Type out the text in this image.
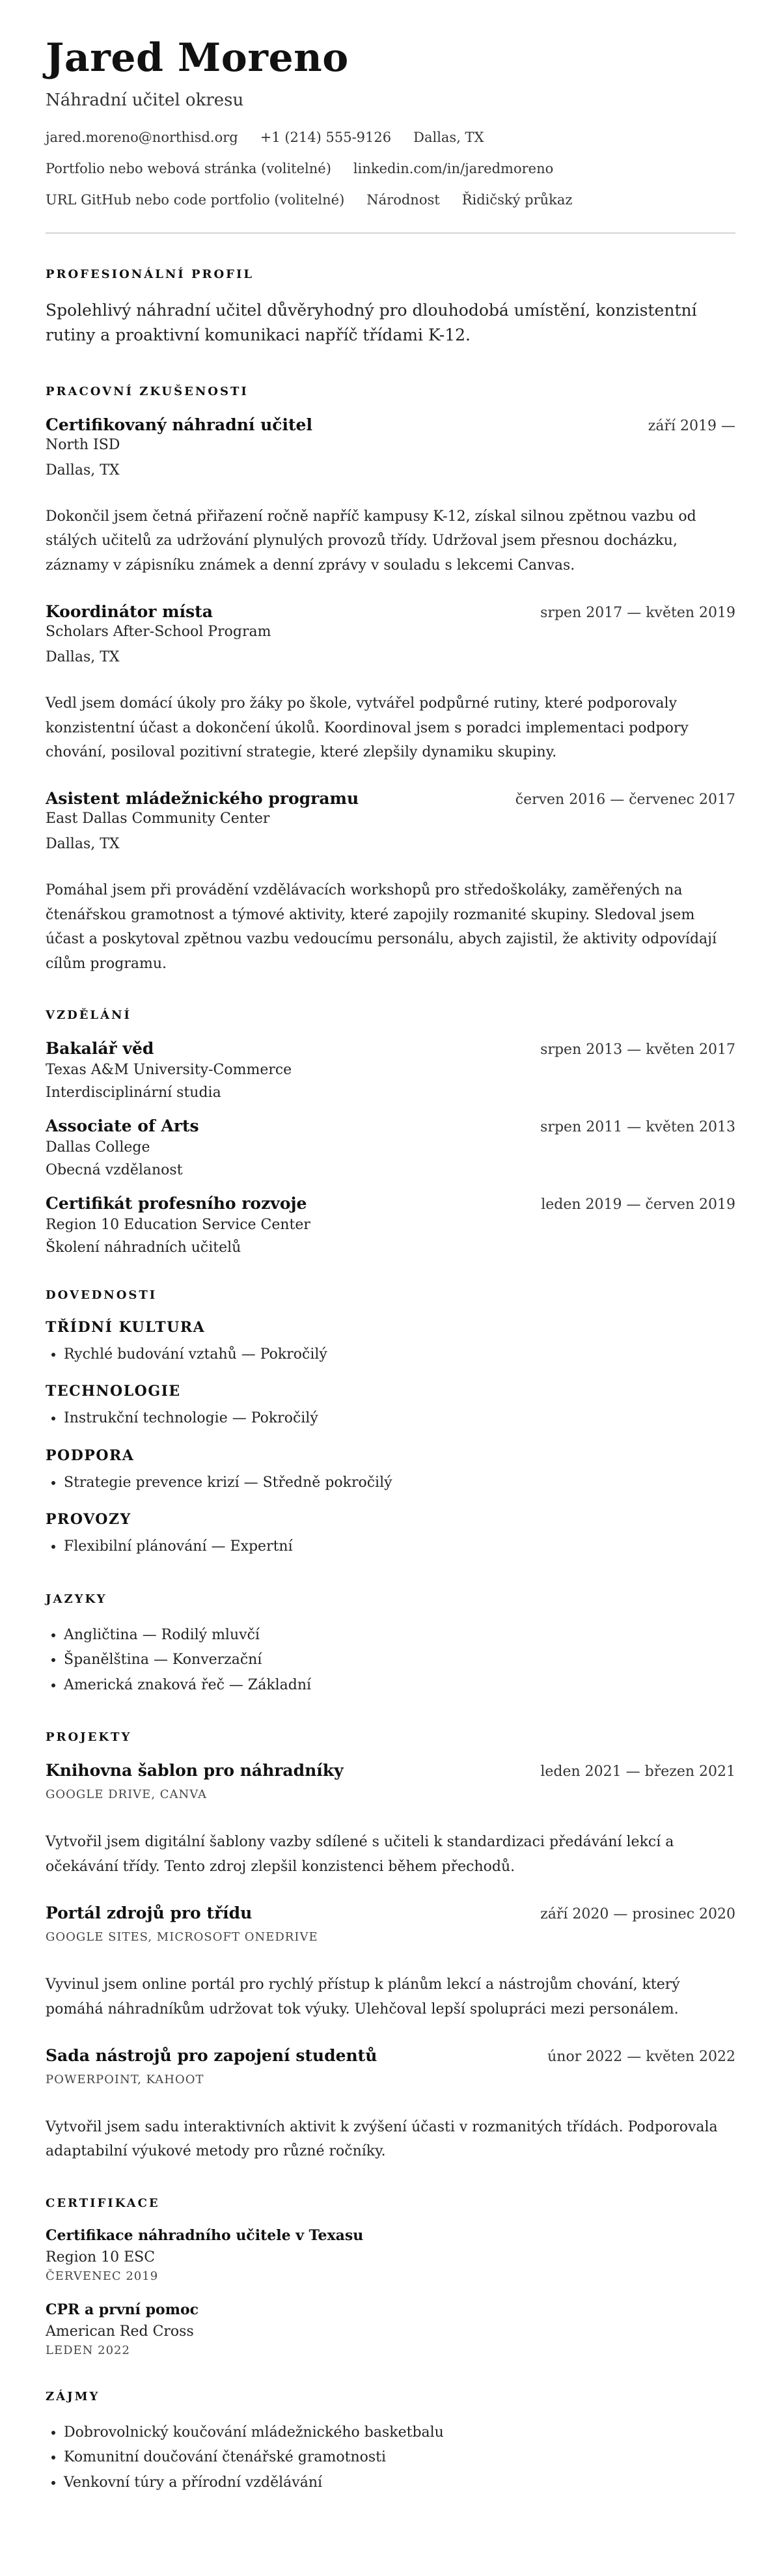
Jared Moreno
Náhradní učitel okresu
jared.moreno@northisd.org +1 (214) 555-9126 Dallas, TX
Portfolio nebo webová stránka (volitelné) linkedin.com/in/jaredmoreno
URL GitHub nebo code portfolio (volitelné) Národnost Řidičský průkaz
PROFESIONÁLNÍ PROFIL

Spolehlivý náhradní učitel důvěryhodný pro dlouhodobá umístění, konzistentní rutiny a proaktivní komunikaci napříč třídami K-12.

PRACOVNÍ ZKUŠENOSTI
Certifikovaný náhradní učitel	září 2019 —
North ISD
Dallas, TX
Dokončil jsem četná přiřazení ročně napříč kampusy K-12, získal silnou zpětnou vazbu od stálých učitelů za udržování plynulých provozů třídy. Udržoval jsem přesnou docházku, záznamy v zápisníku známek a denní zprávy v souladu s lekcemi Canvas.
Koordinátor místa	srpen 2017 — květen 2019
Scholars After-School Program
Dallas, TX
Vedl jsem domácí úkoly pro žáky po škole, vytvářel podpůrné rutiny, které podporovaly konzistentní účast a dokončení úkolů. Koordinoval jsem s poradci implementaci podpory chování, posiloval pozitivní strategie, které zlepšily dynamiku skupiny.
Asistent mládežnického programu	červen 2016 — červenec 2017
East Dallas Community Center
Dallas, TX
Pomáhal jsem při provádění vzdělávacích workshopů pro středoškoláky, zaměřených na čtenářskou gramotnost a týmové aktivity, které zapojily rozmanité skupiny. Sledoval jsem účast a poskytoval zpětnou vazbu vedoucímu personálu, abych zajistil, že aktivity odpovídají cílům programu.
VZDĚLÁNÍ
Bakalář věd	srpen 2013 — květen 2017
Texas A&M University-Commerce
Interdisciplinární studia
Associate of Arts	srpen 2011 — květen 2013
Dallas College
Obecná vzdělanost
Certifikát profesního rozvoje	leden 2019 — červen 2019
Region 10 Education Service Center
Školení náhradních učitelů
DOVEDNOSTI
TŘÍDNÍ KULTURA
• Rychlé budování vztahů — Pokročilý
TECHNOLOGIE
• Instrukční technologie — Pokročilý
PODPORA
• Strategie prevence krizí — Středně pokročilý
PROVOZY
• Flexibilní plánování — Expertní
JAZYKY
• Angličtina — Rodilý mluvčí
• Španělština — Konverzační
• Americká znaková řeč — Základní
PROJEKTY
Knihovna šablon pro náhradníky	leden 2021 — březen 2021
GOOGLE DRIVE, CANVA
Vytvořil jsem digitální šablony vazby sdílené s učiteli k standardizaci předávání lekcí a očekávání třídy. Tento zdroj zlepšil konzistenci během přechodů.
Portál zdrojů pro třídu	září 2020 — prosinec 2020
GOOGLE SITES, MICROSOFT ONEDRIVE
Vyvinul jsem online portál pro rychlý přístup k plánům lekcí a nástrojům chování, který pomáhá náhradníkům udržovat tok výuky. Ulehčoval lepší spolupráci mezi personálem.
Sada nástrojů pro zapojení studentů	únor 2022 — květen 2022
POWERPOINT, KAHOOT
Vytvořil jsem sadu interaktivních aktivit k zvýšení účasti v rozmanitých třídách. Podporovala adaptabilní výukové metody pro různé ročníky.
CERTIFIKACE
Certifikace náhradního učitele v Texasu
Region 10 ESC
ČERVENEC 2019
CPR a první pomoc
American Red Cross
LEDEN 2022
ZÁJMY
• Dobrovolnický koučování mládežnického basketbalu
• Komunitní doučování čtenářské gramotnosti
• Venkovní túry a přírodní vzdělávání
